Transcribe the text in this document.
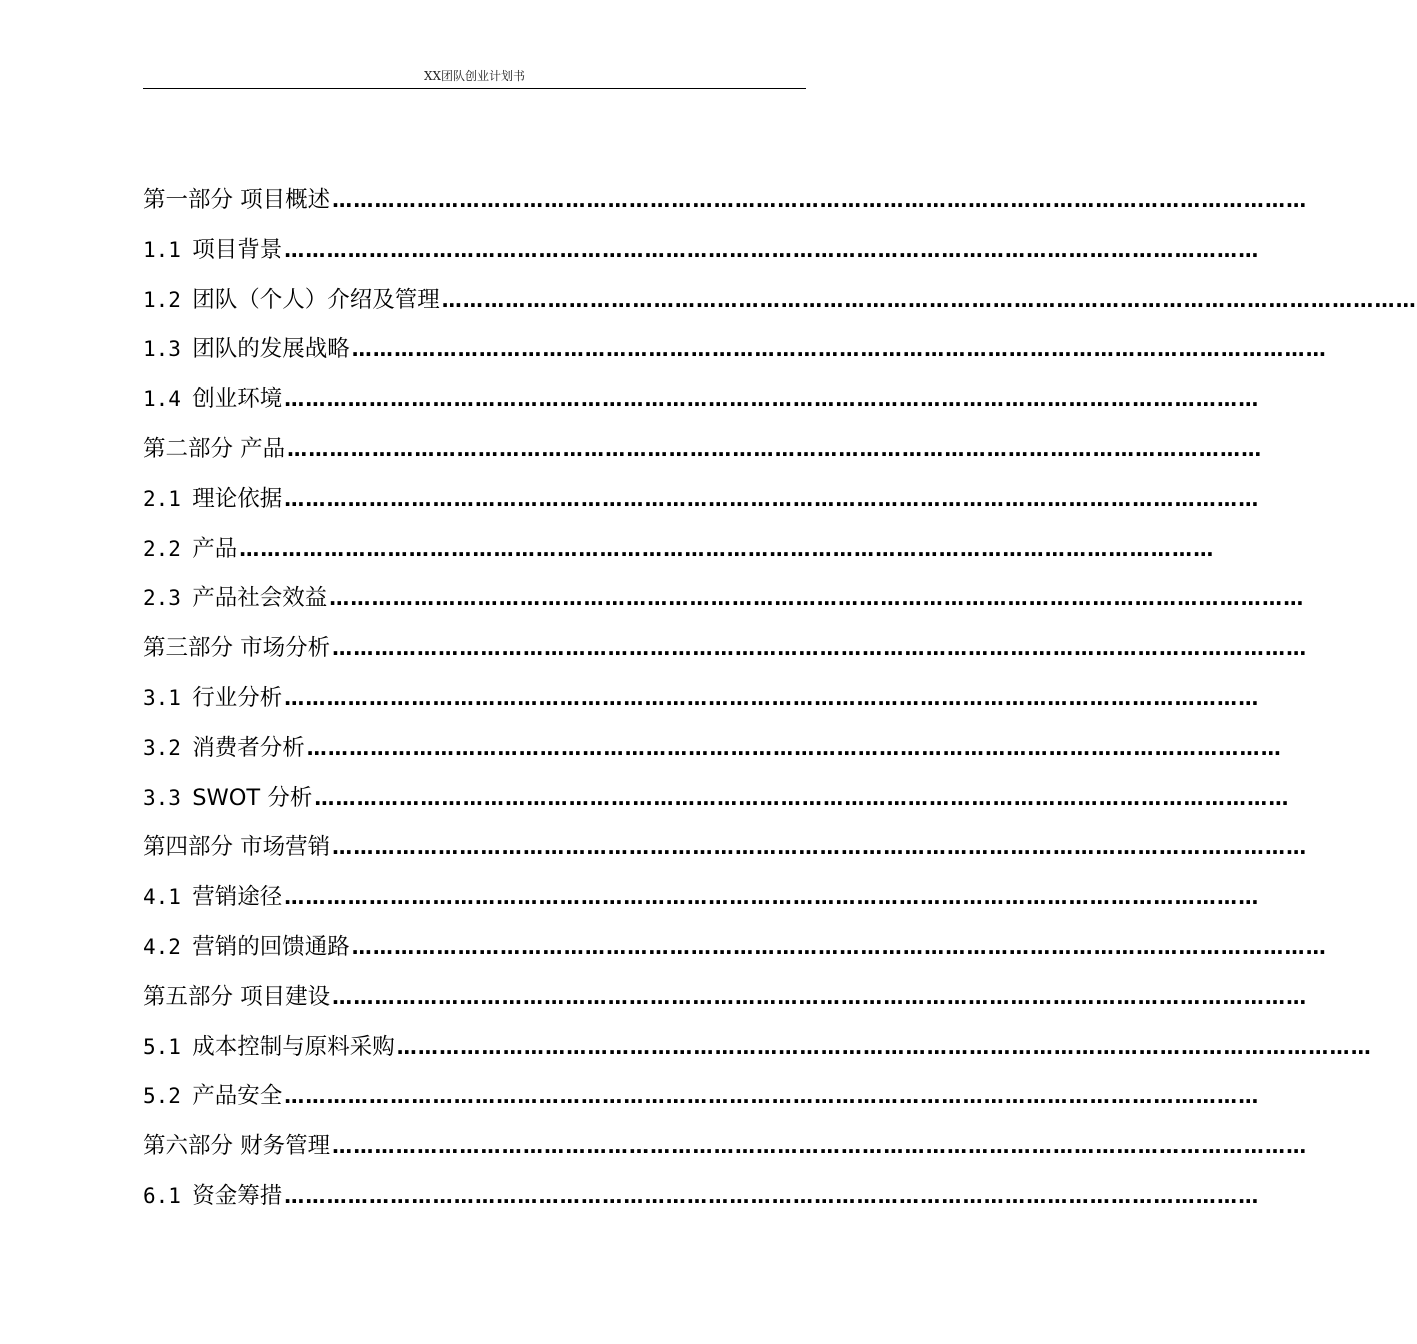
XX团队创业计划书
第一部分 项目概述 …………………………………………………………………………………………………………………………
1.1  项目背景 …………………………………………………………………………………………………………………………
1.2  团队（个人）介绍及管理 …………………………………………………………………………………………………………………………
1.3  团队的发展战略 …………………………………………………………………………………………………………………………
1.4  创业环境 …………………………………………………………………………………………………………………………
第二部分 产品 …………………………………………………………………………………………………………………………
2.1  理论依据 …………………………………………………………………………………………………………………………
2.2  产品 …………………………………………………………………………………………………………………………
2.3  产品社会效益 …………………………………………………………………………………………………………………………
第三部分 市场分析 …………………………………………………………………………………………………………………………
3.1  行业分析 …………………………………………………………………………………………………………………………
3.2  消费者分析 …………………………………………………………………………………………………………………………
3.3  SWOT 分析 …………………………………………………………………………………………………………………………
第四部分 市场营销 …………………………………………………………………………………………………………………………
4.1  营销途径 …………………………………………………………………………………………………………………………
4.2  营销的回馈通路 …………………………………………………………………………………………………………………………
第五部分 项目建设 …………………………………………………………………………………………………………………………
5.1  成本控制与原料采购 …………………………………………………………………………………………………………………………
5.2  产品安全 …………………………………………………………………………………………………………………………
第六部分 财务管理 …………………………………………………………………………………………………………………………
6.1  资金筹措 …………………………………………………………………………………………………………………………
